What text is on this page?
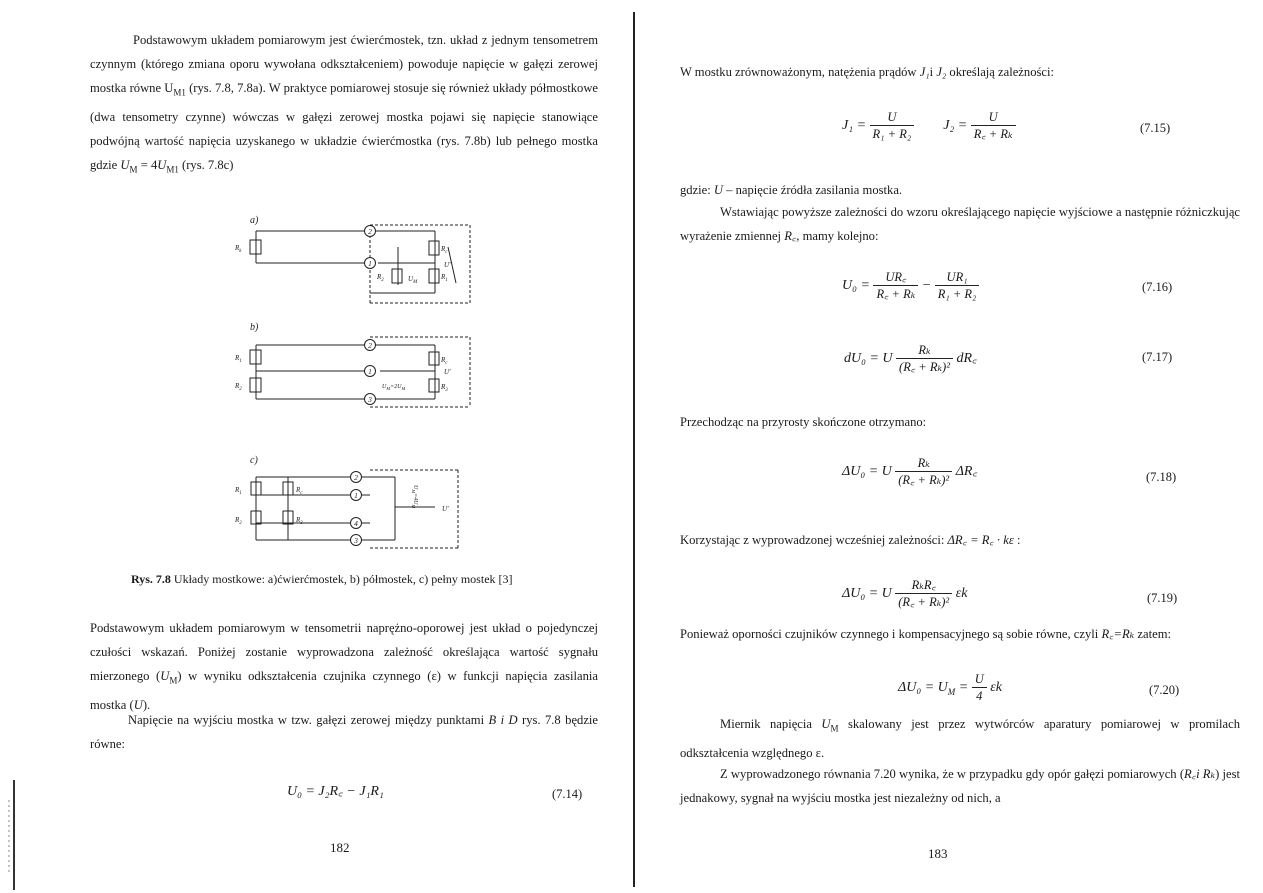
Podstawowym układem pomiarowym jest ćwierćmostek, tzn. układ z jednym tensometrem czynnym (którego zmiana oporu wywołana odkształceniem) powoduje napięcie w gałęzi zerowej mostka równe $U_{M1}$ (rys. 7.8, 7.8a). W praktyce pomiarowej stosuje się również układy półmostkowe (dwa tensometry czynne) wówczas w gałęzi zerowej mostka pojawi się napięcie stanowiące podwójną wartość napięcia uzyskanego w układzie ćwierćmostka (rys. 7.8b) lub pełnego mostka gdzie $U_M = 4U_{M1}$ (rys. 7.8c)

2
1
2
1
3
2
1
4
3
a)
b)
c)
$R_k$	$R_c$
$R_1$
$R_2$	$U_M$
U'
$R_1$
$R_2$
$R_c$
$R_3$
U'
$U_M=2U_M$
$R_1$
$R_2$
$R_c$
$R_3$
U'
$U_M=4U_M$
Rys. 7.8 Układy mostkowe: a)ćwierćmostek, b) półmostek, c) pełny mostek [3]

Podstawowym układem pomiarowym w tensometrii naprężno-oporowej jest układ o pojedynczej czułości wskazań. Poniżej zostanie wyprowadzona zależność określająca wartość sygnału mierzonego $(U_M)$ w wyniku odkształcenia czujnika czynnego (ε) w funkcji napięcia zasilania mostka (U).

Napięcie na wyjściu mostka w tzw. gałęzi zerowej między punktami B i D rys. 7.8 będzie równe:

U₀ = J₂R꜀ − J₁R₁	(7.14)
182

W mostku zrównoważonym, natężenia prądów J₁i J₂ określają zależności:

$J_1 = \frac{U}{\text{R₁ + R₂}} J_2 = \frac{U}{\text{R꜀ + Rₖ}}$	(7.15)

gdzie: U – napięcie źródła zasilania mostka.

Wstawiając powyższe zależności do wzoru określającego napięcie wyjściowe a następnie różniczkując wyrażenie zmiennej R꜀, mamy kolejno:

$U_0 = \frac{UR꜀}{\text{R꜀ + Rₖ}} - \frac{\text{UR₁}}{\text{R₁ + R₂}}$	(7.16)
dU₀ = U $\frac{\text{Rₖ}}{\text{(R꜀ + Rₖ)²}}$ dR꜀	(7.17)

Przechodząc na przyrosty skończone otrzymano:

ΔU₀ = U $\frac{\text{Rₖ}}{\text{(R꜀ + Rₖ)²}}$ ΔR꜀	(7.18)

Korzystając z wyprowadzonej wcześniej zależności: ΔR꜀ = R꜀ · kε :

ΔU₀ = U $\frac{\text{RₖR꜀}}{\text{(R꜀ + Rₖ)²}}$ εk	(7.19)

Ponieważ oporności czujników czynnego i kompensacyjnego są sobie równe, czyli R꜀=Rₖ zatem:

$\Delta U_0 = U_M = \frac{U}{4}$ εk	(7.20)

Miernik napięcia $U_M$ skalowany jest przez wytwórców aparatury pomiarowej w promilach odkształcenia względnego ε.

Z wyprowadzonego równania 7.20 wynika, że w przypadku gdy opór gałęzi pomiarowych (R꜀i Rₖ) jest jednakowy, sygnał na wyjściu mostka jest niezależny od nich, a

183
